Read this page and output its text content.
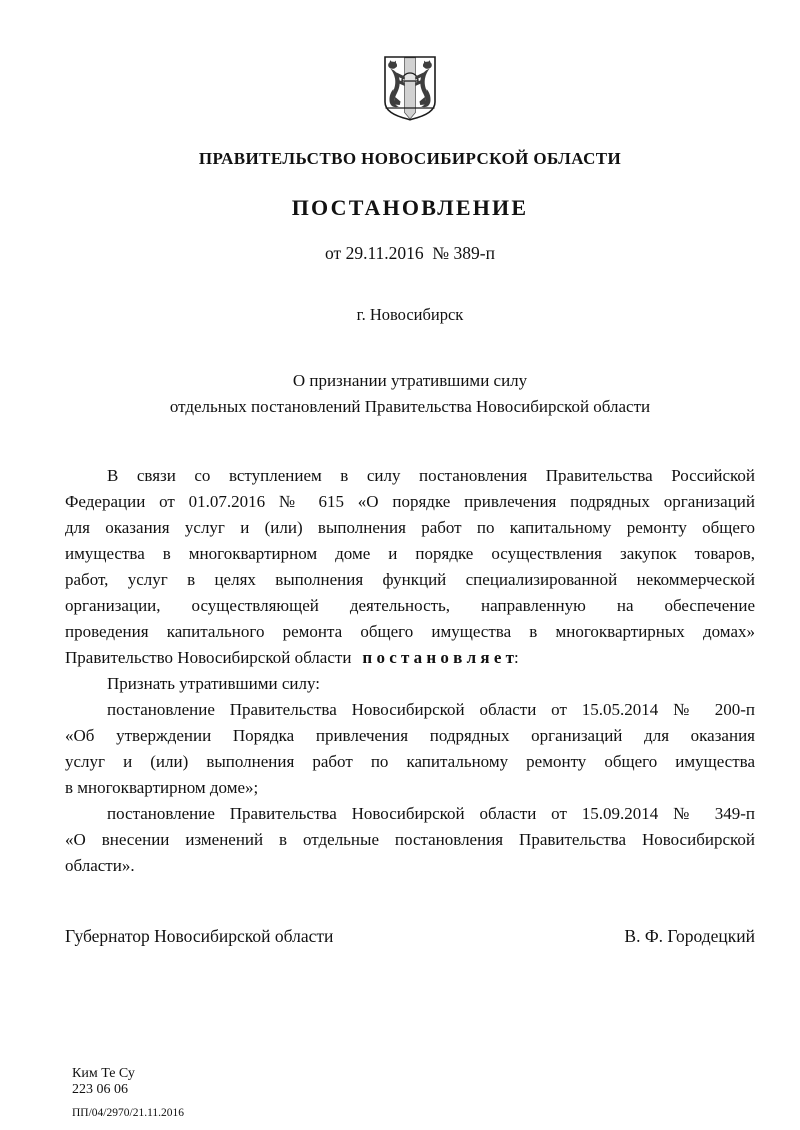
ПРАВИТЕЛЬСТВО НОВОСИБИРСКОЙ ОБЛАСТИ
ПОСТАНОВЛЕНИЕ
от 29.11.2016  № 389-п
г. Новосибирск
О признании утратившими силу
отдельных постановлений Правительства Новосибирской области
В связи со вступлением в силу постановления Правительства Российской
Федерации от 01.07.2016 № 615 «О порядке привлечения подрядных организаций
для оказания услуг и (или) выполнения работ по капитальному ремонту общего
имущества в многоквартирном доме и порядке осуществления закупок товаров,
работ, услуг в целях выполнения функций специализированной некоммерческой
организации, осуществляющей деятельность, направленную на обеспечение
проведения капитального ремонта общего имущества в многоквартирных домах»
Правительство Новосибирской области п о с т а н о в л я е т:
Признать утратившими силу:
постановление Правительства Новосибирской области от 15.05.2014 № 200-п
«Об утверждении Порядка привлечения подрядных организаций для оказания
услуг и (или) выполнения работ по капитальному ремонту общего имущества
в многоквартирном доме»;
постановление Правительства Новосибирской области от 15.09.2014 № 349-п
«О внесении изменений в отдельные постановления Правительства Новосибирской
области».
Губернатор Новосибирской области	В. Ф. Городецкий
Ким Те Су
223 06 06
ПП/04/2970/21.11.2016
